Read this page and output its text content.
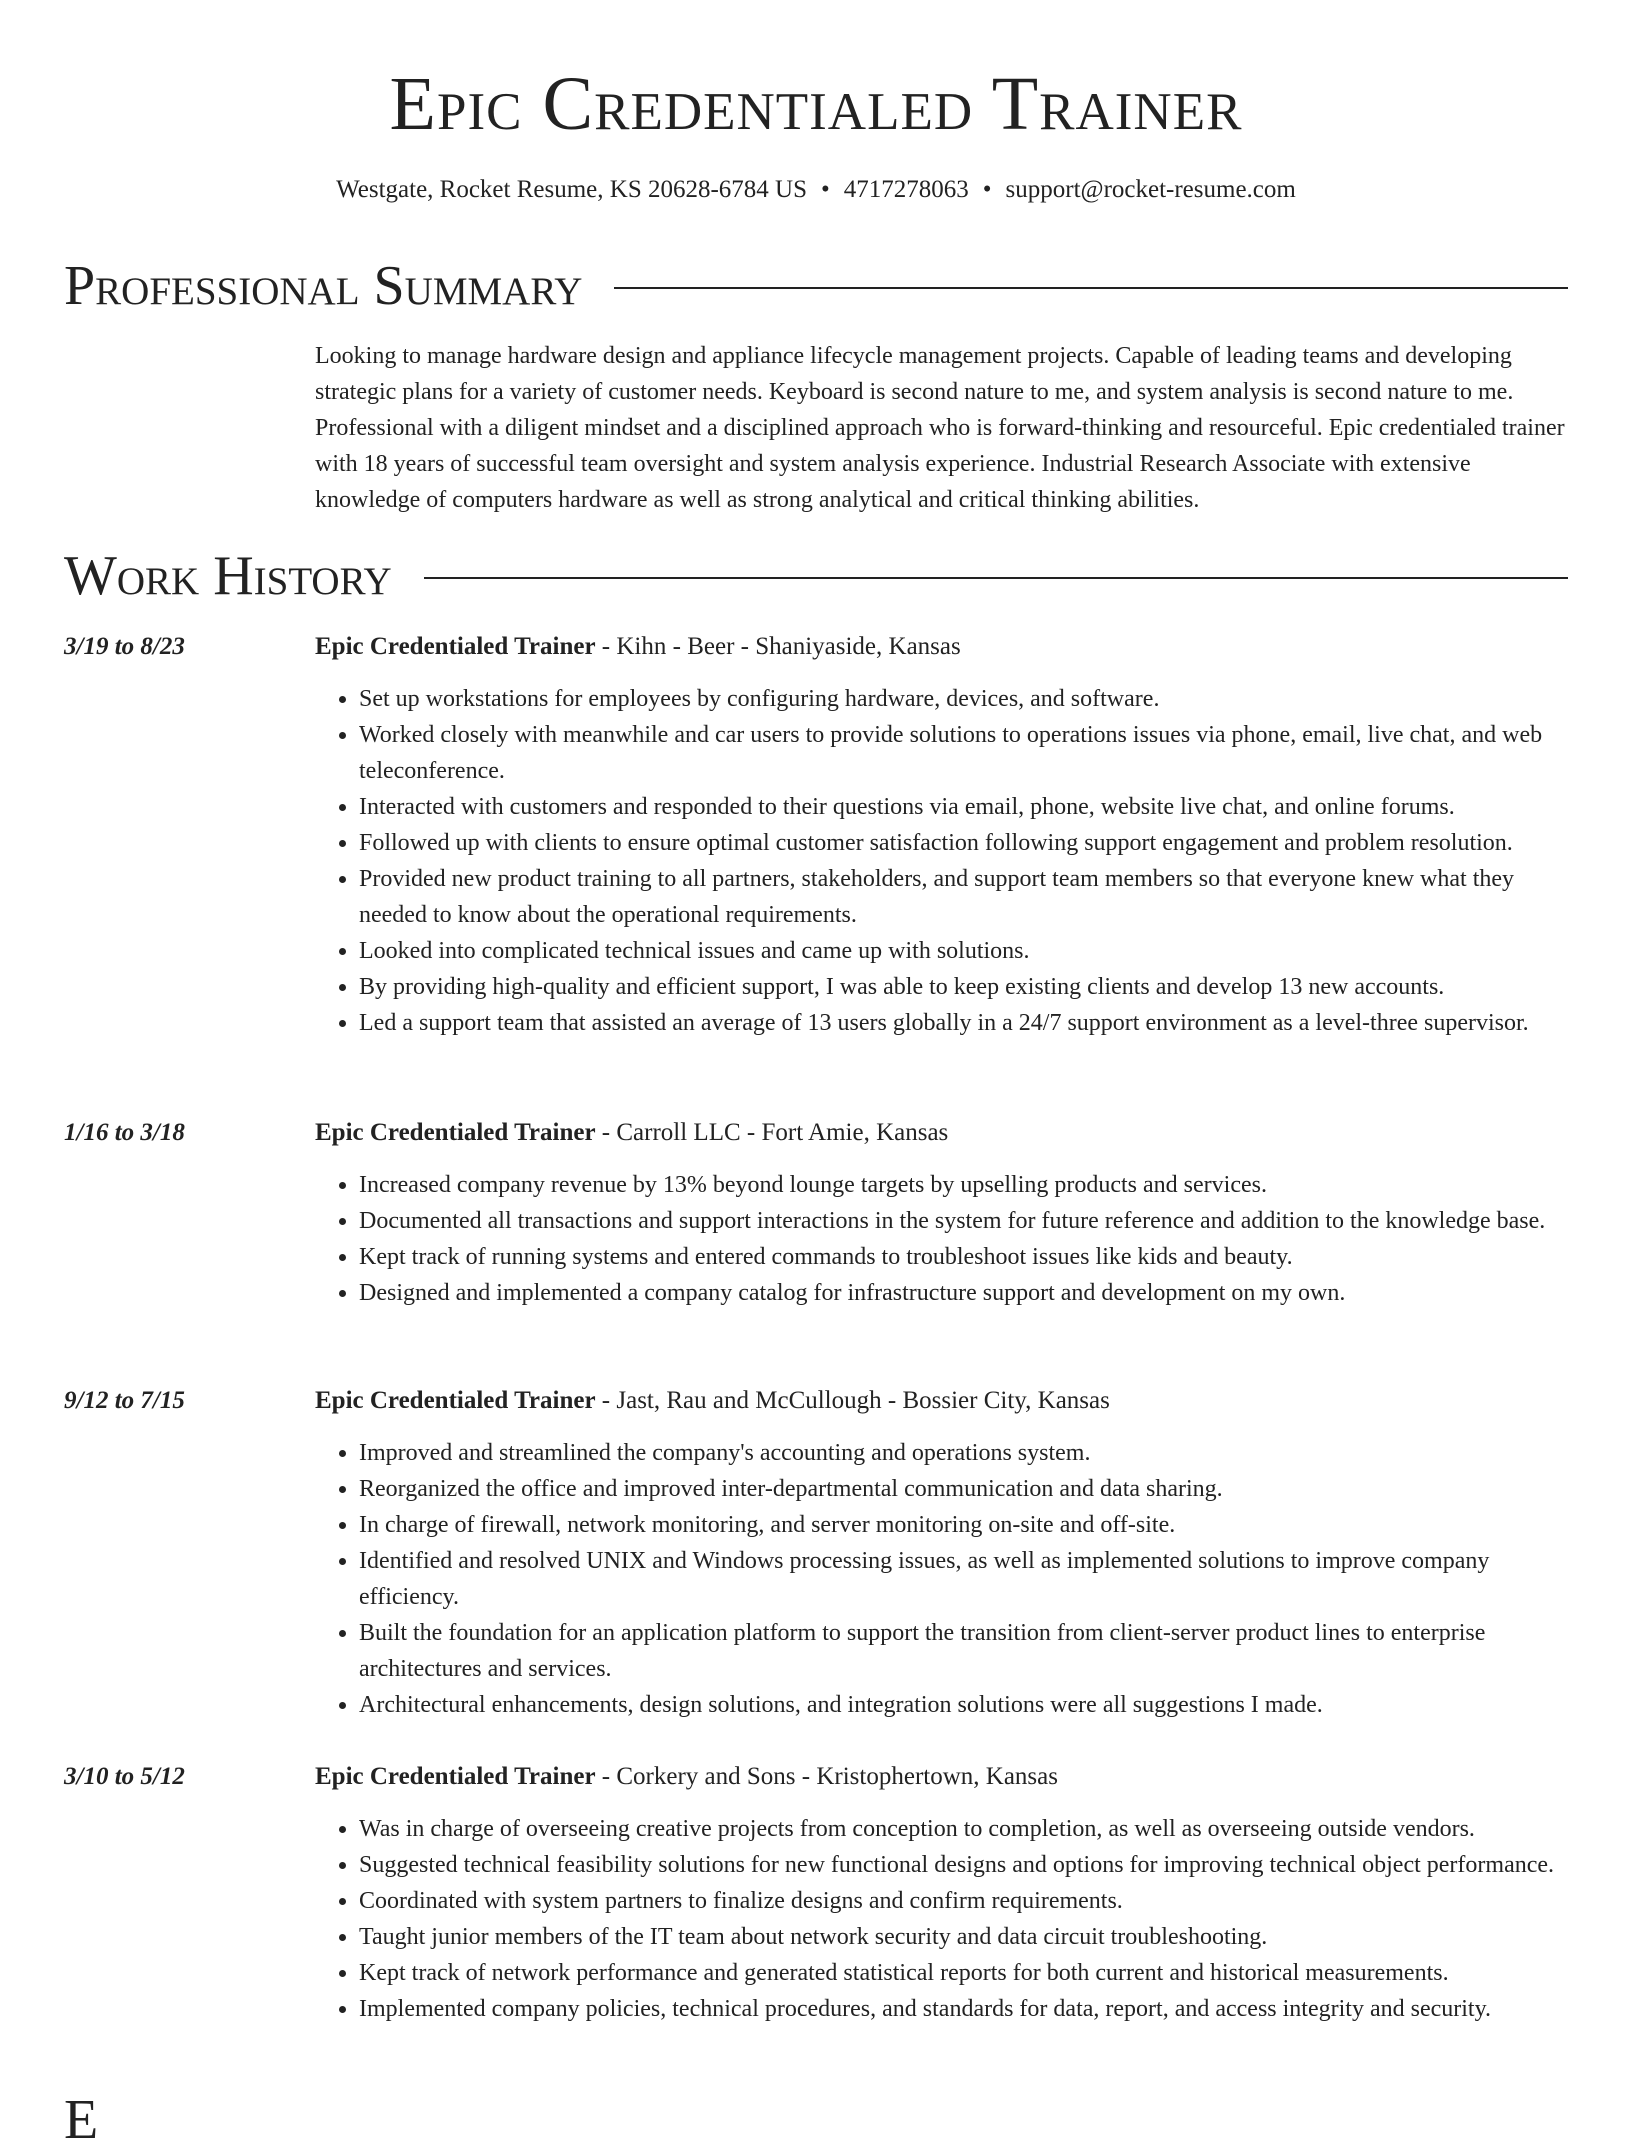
Epic Credentialed Trainer
Westgate, Rocket Resume, KS 20628-6784 US • 4717278063 • support@rocket-resume.com
Professional Summary
Looking to manage hardware design and appliance lifecycle management projects. Capable of leading teams and developing strategic plans for a variety of customer needs. Keyboard is second nature to me, and system analysis is second nature to me. Professional with a diligent mindset and a disciplined approach who is forward-thinking and resourceful. Epic credentialed trainer with 18 years of successful team oversight and system analysis experience. Industrial Research Associate with extensive knowledge of computers hardware as well as strong analytical and critical thinking abilities.
Work History
3/19 to 8/23	Epic Credentialed Trainer - Kihn - Beer - Shaniyaside, Kansas
• Set up workstations for employees by configuring hardware, devices, and software.
• Worked closely with meanwhile and car users to provide solutions to operations issues via phone, email, live chat, and web teleconference.
• Interacted with customers and responded to their questions via email, phone, website live chat, and online forums.
• Followed up with clients to ensure optimal customer satisfaction following support engagement and problem resolution.
• Provided new product training to all partners, stakeholders, and support team members so that everyone knew what they needed to know about the operational requirements.
• Looked into complicated technical issues and came up with solutions.
• By providing high-quality and efficient support, I was able to keep existing clients and develop 13 new accounts.
• Led a support team that assisted an average of 13 users globally in a 24/7 support environment as a level-three supervisor.
1/16 to 3/18	Epic Credentialed Trainer - Carroll LLC - Fort Amie, Kansas
• Increased company revenue by 13% beyond lounge targets by upselling products and services.
• Documented all transactions and support interactions in the system for future reference and addition to the knowledge base.
• Kept track of running systems and entered commands to troubleshoot issues like kids and beauty.
• Designed and implemented a company catalog for infrastructure support and development on my own.
9/12 to 7/15	Epic Credentialed Trainer - Jast, Rau and McCullough - Bossier City, Kansas
• Improved and streamlined the company's accounting and operations system.
• Reorganized the office and improved inter-departmental communication and data sharing.
• In charge of firewall, network monitoring, and server monitoring on-site and off-site.
• Identified and resolved UNIX and Windows processing issues, as well as implemented solutions to improve company efficiency.
• Built the foundation for an application platform to support the transition from client-server product lines to enterprise architectures and services.
• Architectural enhancements, design solutions, and integration solutions were all suggestions I made.
3/10 to 5/12	Epic Credentialed Trainer - Corkery and Sons - Kristophertown, Kansas
• Was in charge of overseeing creative projects from conception to completion, as well as overseeing outside vendors.
• Suggested technical feasibility solutions for new functional designs and options for improving technical object performance.
• Coordinated with system partners to finalize designs and confirm requirements.
• Taught junior members of the IT team about network security and data circuit troubleshooting.
• Kept track of network performance and generated statistical reports for both current and historical measurements.
• Implemented company policies, technical procedures, and standards for data, report, and access integrity and security.
E
